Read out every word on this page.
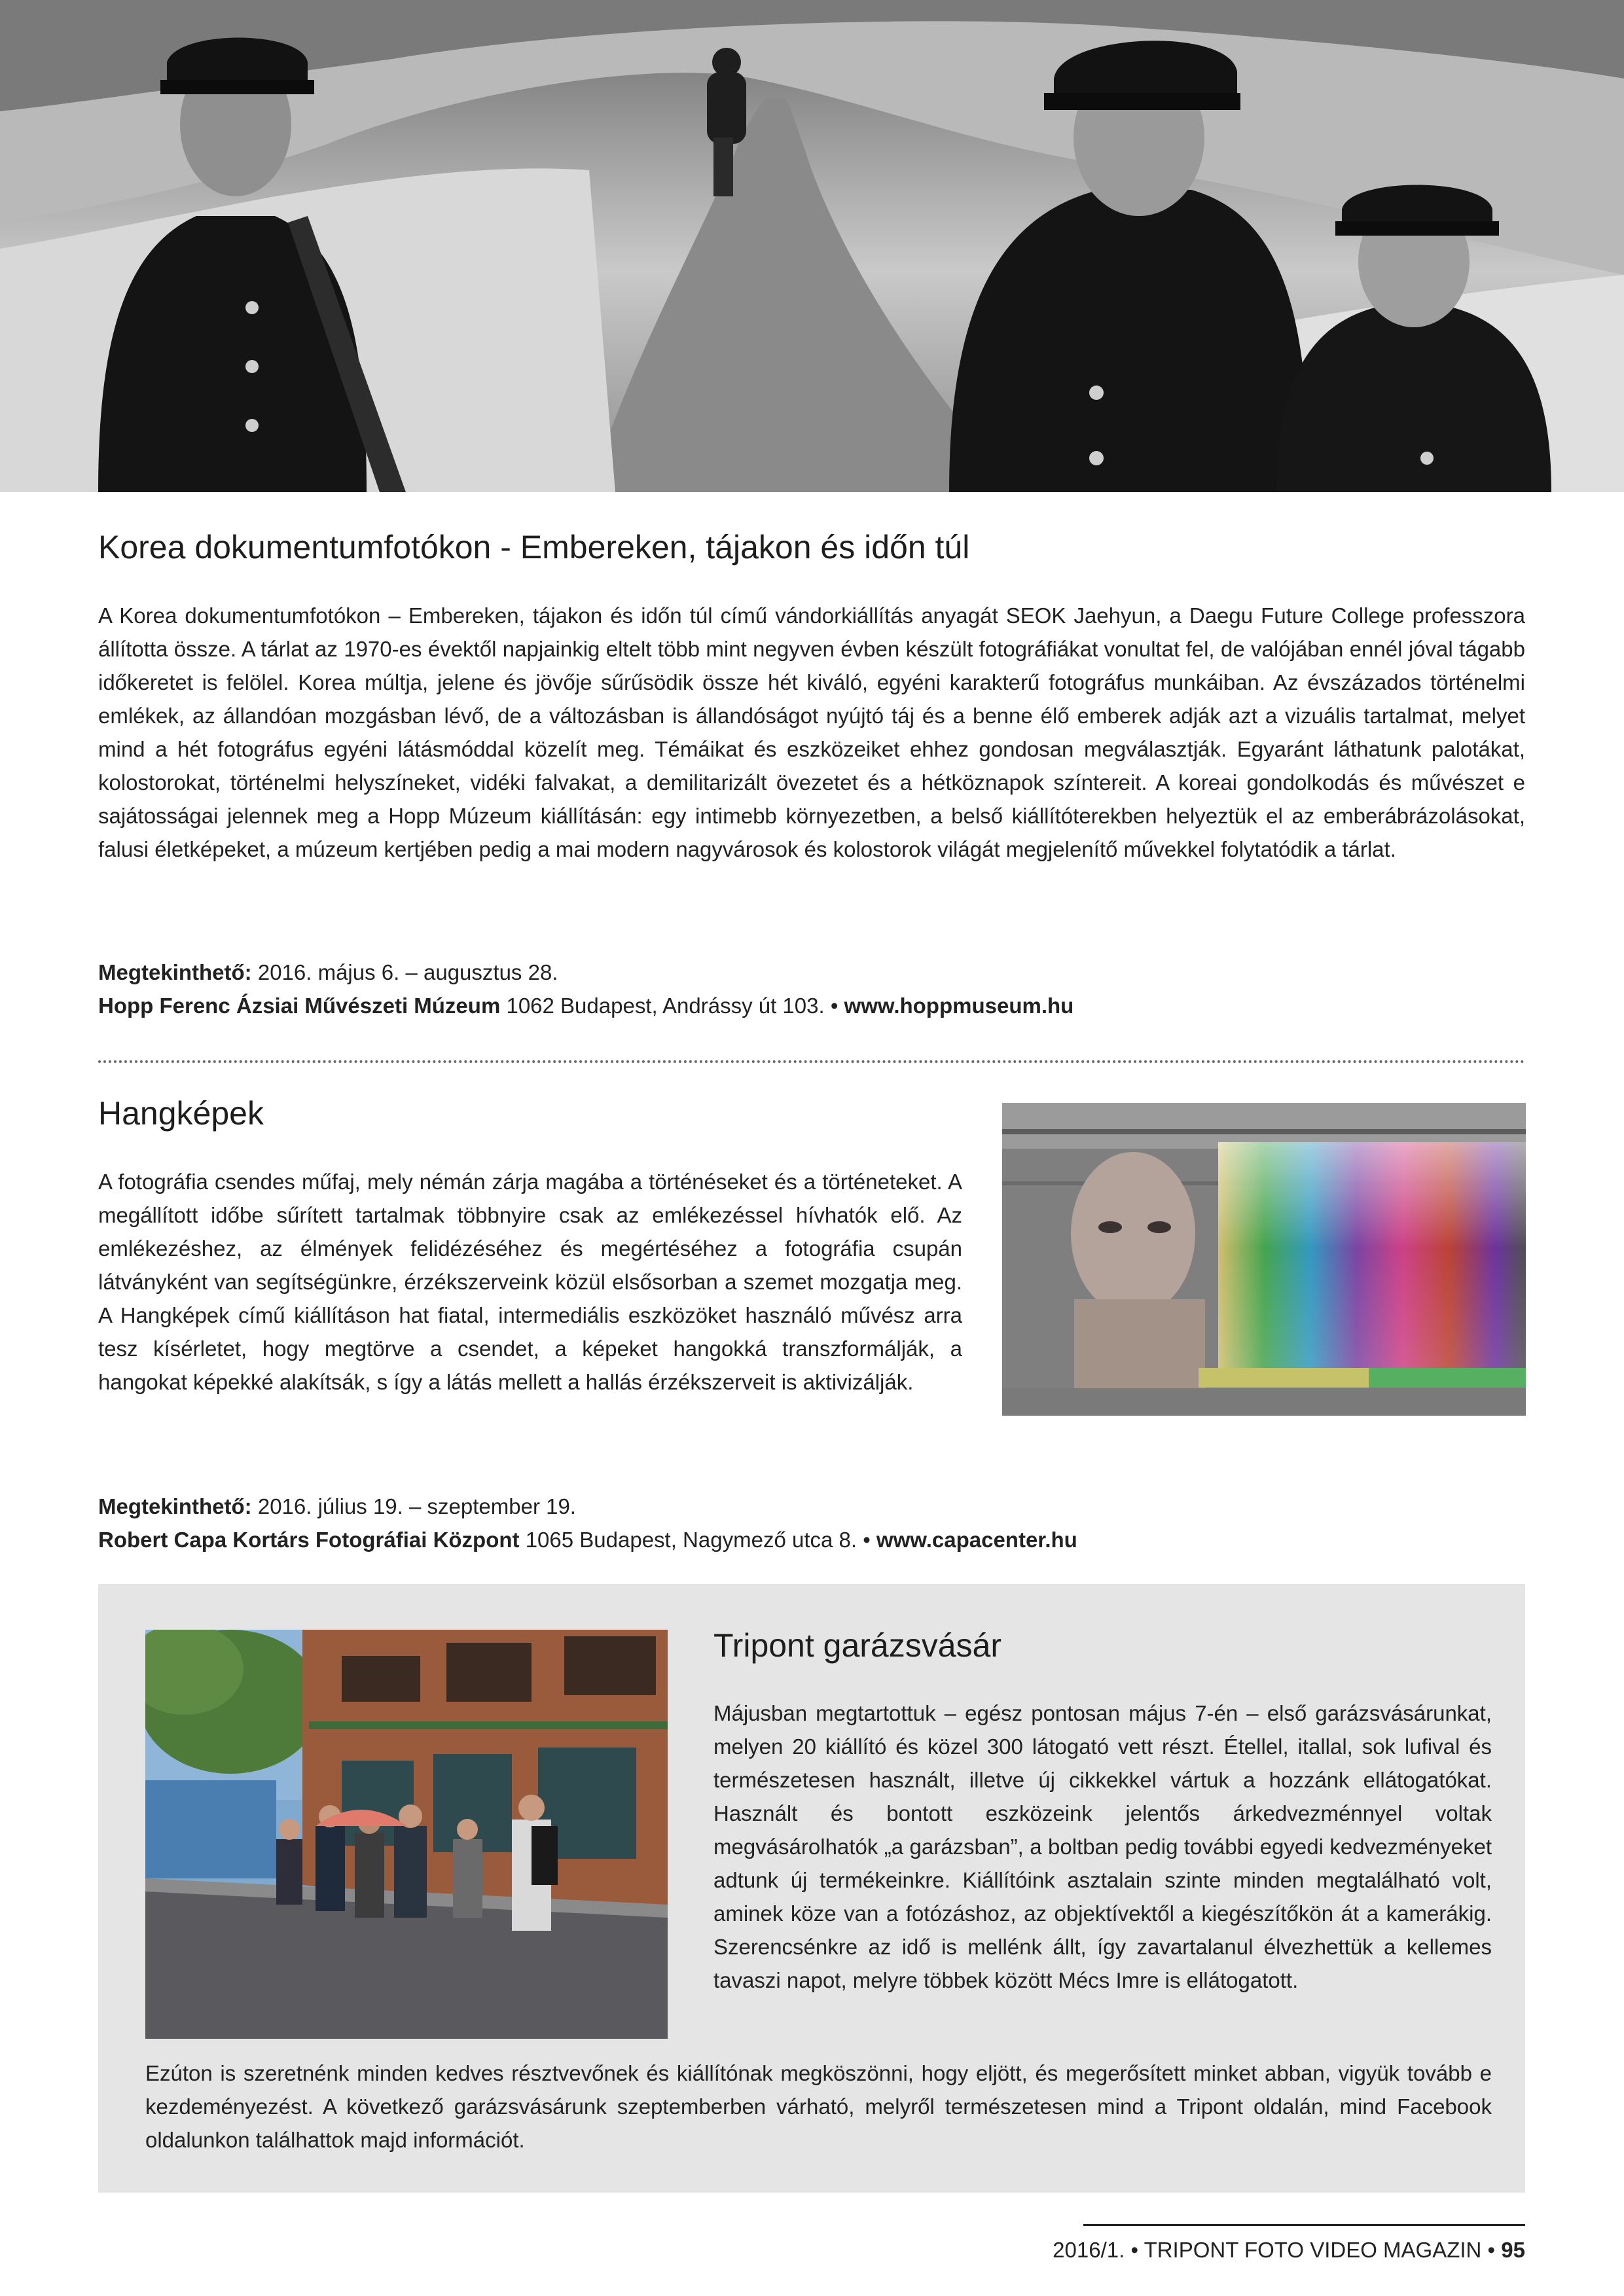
Korea dokumentumfotókon - Embereken, tájakon és időn túl

A Korea dokumentumfotókon – Embereken, tájakon és időn túl című vándorkiállítás anyagát SEOK Jaehyun, a Daegu Future College professzora állította össze. A tárlat az 1970-es évektől napjainkig eltelt több mint negyven évben készült fotográfiákat vonultat fel, de valójában ennél jóval tágabb időkeretet is felölel. Korea múltja, jelene és jövője sűrűsödik össze hét kiváló, egyéni karakterű fotográfus munkáiban. Az évszázados történelmi emlékek, az állandóan mozgásban lévő, de a változásban is állandóságot nyújtó táj és a benne élő emberek adják azt a vizuális tartalmat, melyet mind a hét fotográfus egyéni látásmóddal közelít meg. Témáikat és eszközeiket ehhez gondosan megválasztják. Egyaránt láthatunk palotákat, kolostorokat, történelmi helyszíneket, vidéki falvakat, a demilitarizált övezetet és a hétköznapok színtereit. A koreai gondolkodás és művészet e sajátosságai jelennek meg a Hopp Múzeum kiállításán: egy intimebb környezetben, a belső kiállítóterekben helyeztük el az emberábrázolásokat, falusi életképeket, a múzeum kertjében pedig a mai modern nagyvárosok és kolostorok világát megjelenítő művekkel folytatódik a tárlat.

Megtekinthető: 2016. május 6. – augusztus 28.
Hopp Ferenc Ázsiai Művészeti Múzeum 1062 Budapest, Andrássy út 103. • www.hoppmuseum.hu

Hangképek

A fotográfia csendes műfaj, mely némán zárja magába a történéseket és a történeteket. A megállított időbe sűrített tartalmak többnyire csak az emlékezéssel hívhatók elő. Az emlékezéshez, az élmények felidézéséhez és megértéséhez a fotográfia csupán látványként van segítségünkre, érzékszerveink közül elsősorban a szemet mozgatja meg. A Hangképek című kiállításon hat fiatal, intermediális eszközöket használó művész arra tesz kísérletet, hogy megtörve a csendet, a képeket hangokká transzformálják, a hangokat képekké alakítsák, s így a látás mellett a hallás érzékszerveit is aktivizálják.

Megtekinthető: 2016. július 19. – szeptember 19.
Robert Capa Kortárs Fotográfiai Központ 1065 Budapest, Nagymező utca 8. • www.capacenter.hu

Tripont garázsvásár

Májusban megtartottuk – egész pontosan május 7-én – első garázsvásárunkat, melyen 20 kiállító és közel 300 látogató vett részt. Étellel, itallal, sok lufival és természetesen használt, illetve új cikkekkel vártuk a hozzánk ellátogatókat. Használt és bontott eszközeink jelentős árkedvezménnyel voltak megvásárolhatók „a garázsban”, a boltban pedig további egyedi kedvezményeket adtunk új termékeinkre. Kiállítóink asztalain szinte minden megtalálható volt, aminek köze van a fotózáshoz, az objektívektől a kiegészítőkön át a kamerákig. Szerencsénkre az idő is mellénk állt, így zavartalanul élvezhettük a kellemes tavaszi napot, melyre többek között Mécs Imre is ellátogatott.

Ezúton is szeretnénk minden kedves résztvevőnek és kiállítónak megköszönni, hogy eljött, és megerősített minket abban, vigyük tovább e kezdeményezést. A következő garázsvásárunk szeptemberben várható, melyről természetesen mind a Tripont oldalán, mind Facebook oldalunkon találhattok majd információt.

2016/1. • TRIPONT FOTO VIDEO MAGAZIN • 95
